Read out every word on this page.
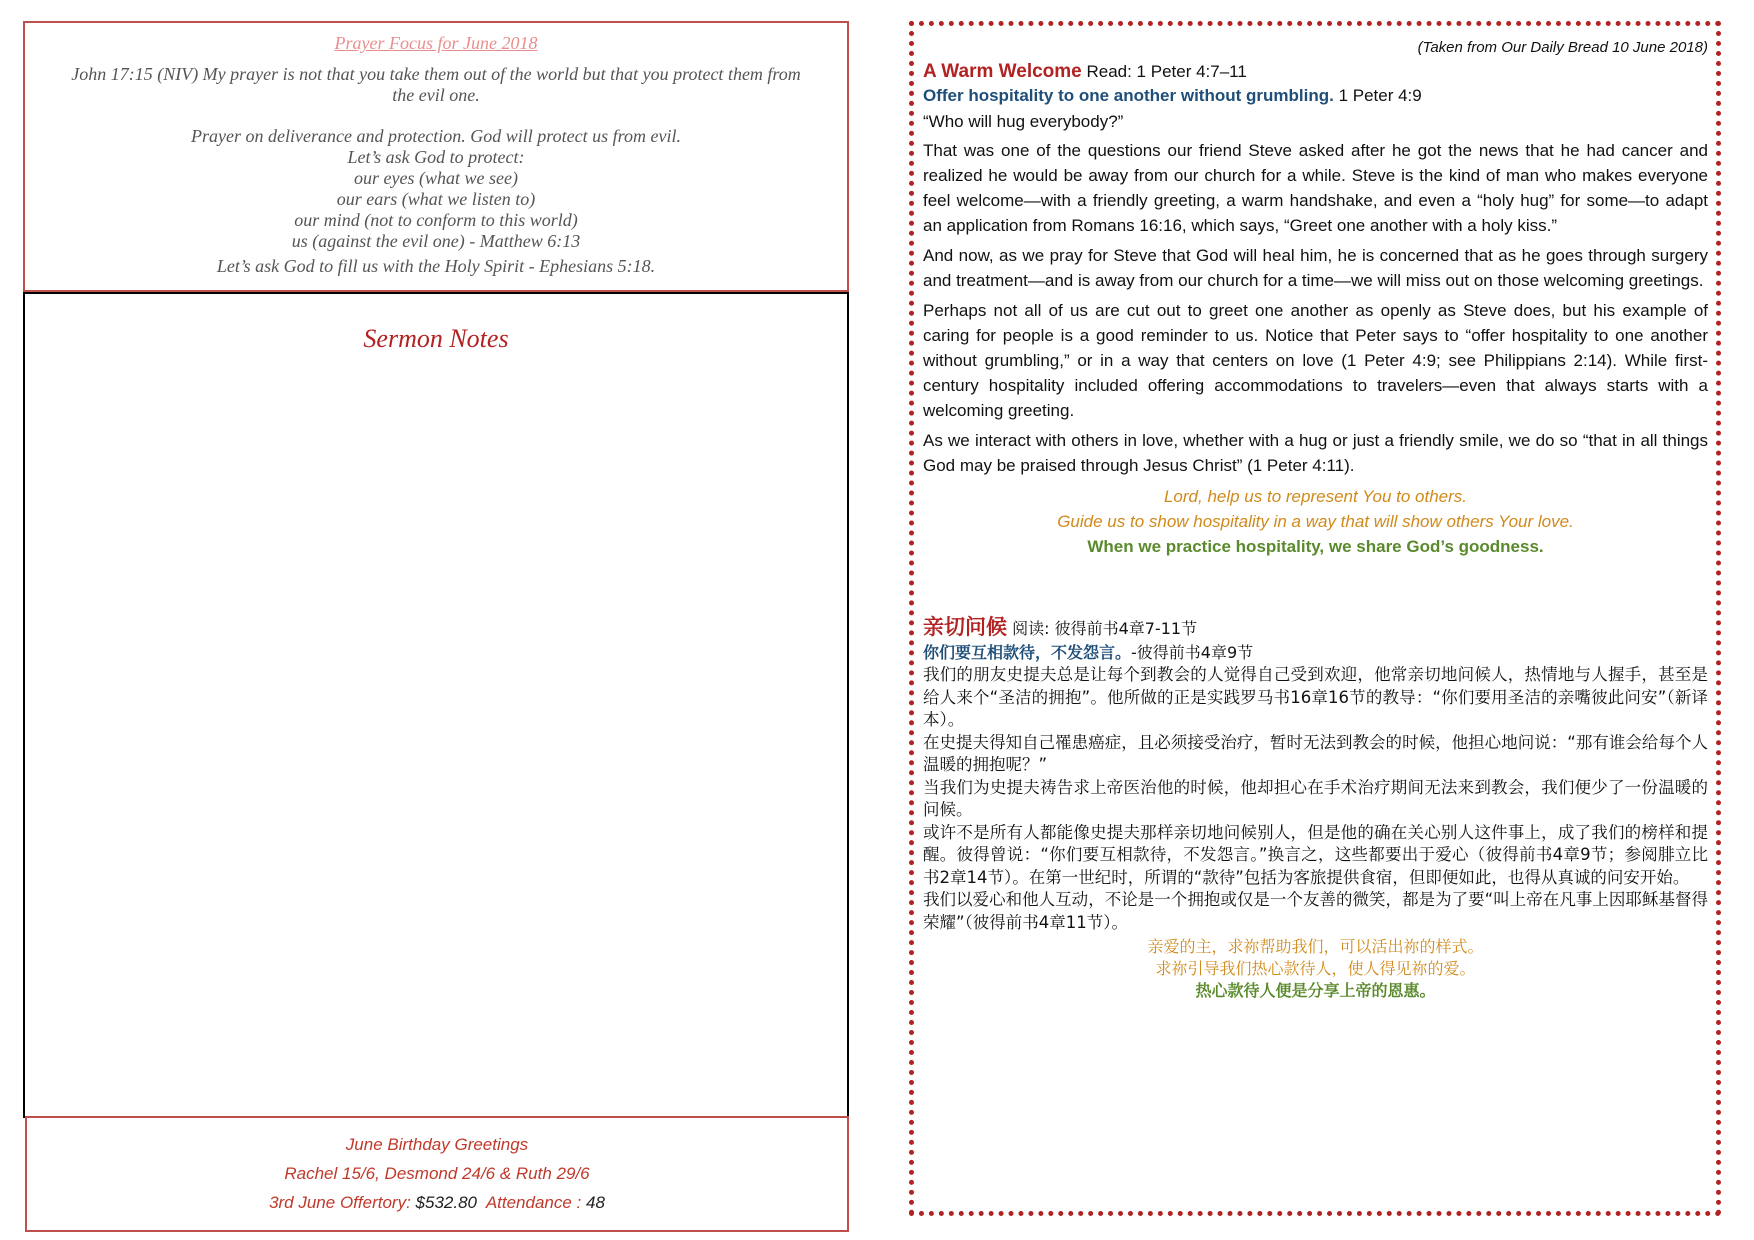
Prayer Focus for June 2018
John 17:15 (NIV) My prayer is not that you take them out of the world but that you protect them from the evil one.
Prayer on deliverance and protection. God will protect us from evil.
Let’s ask God to protect:
our eyes (what we see)
our ears (what we listen to)
our mind (not to conform to this world)
us (against the evil one) - Matthew 6:13
Let’s ask God to fill us with the Holy Spirit - Ephesians 5:18.
Sermon Notes
June Birthday Greetings
Rachel 15/6, Desmond 24/6 & Ruth 29/6
3rd June Offertory: $532.80 Attendance : 48
(Taken from Our Daily Bread 10 June 2018)
A Warm Welcome Read: 1 Peter 4:7–11
Offer hospitality to one another without grumbling. 1 Peter 4:9
“Who will hug everybody?”
That was one of the questions our friend Steve asked after he got the news that he had cancer and realized he would be away from our church for a while. Steve is the kind of man who makes everyone feel welcome—with a friendly greeting, a warm handshake, and even a “holy hug” for some—to adapt an application from Romans 16:16, which says, “Greet one another with a holy kiss.”
And now, as we pray for Steve that God will heal him, he is concerned that as he goes through surgery and treatment—and is away from our church for a time—we will miss out on those welcoming greetings.
Perhaps not all of us are cut out to greet one another as openly as Steve does, but his example of caring for people is a good reminder to us. Notice that Peter says to “offer hospitality to one another without grumbling,” or in a way that centers on love (1 Peter 4:9; see Philippians 2:14). While first-century hospitality included offering accommodations to travelers—even that always starts with a welcoming greeting.
As we interact with others in love, whether with a hug or just a friendly smile, we do so “that in all things God may be praised through Jesus Christ” (1 Peter 4:11).
Lord, help us to represent You to others.
Guide us to show hospitality in a way that will show others Your love.
When we practice hospitality, we share God’s goodness.
亲切问候 阅读: 彼得前书4章7-11节
你们要互相款待，不发怨言。-彼得前书4章9节
我们的朋友史提夫总是让每个到教会的人觉得自己受到欢迎，他常亲切地问候人，热情地与人握手，甚至是给人来个“圣洁的拥抱”。他所做的正是实践罗马书16章16节的教导：“你们要用圣洁的亲嘴彼此问安”（新译本）。
在史提夫得知自己罹患癌症，且必须接受治疗，暂时无法到教会的时候，他担心地问说：“那有谁会给每个人温暖的拥抱呢？”
当我们为史提夫祷告求上帝医治他的时候，他却担心在手术治疗期间无法来到教会，我们便少了一份温暖的问候。
或许不是所有人都能像史提夫那样亲切地问候别人，但是他的确在关心别人这件事上，成了我们的榜样和提醒。彼得曾说：“你们要互相款待，不发怨言。”换言之，这些都要出于爱心（彼得前书4章9节；参阅腓立比书2章14节）。在第一世纪时，所谓的“款待”包括为客旅提供食宿，但即便如此，也得从真诚的问安开始。
我们以爱心和他人互动，不论是一个拥抱或仅是一个友善的微笑，都是为了要“叫上帝在凡事上因耶稣基督得荣耀”（彼得前书4章11节）。
亲爱的主，求祢帮助我们，可以活出祢的样式。
求祢引导我们热心款待人，使人得见祢的爱。
热心款待人便是分享上帝的恩惠。
